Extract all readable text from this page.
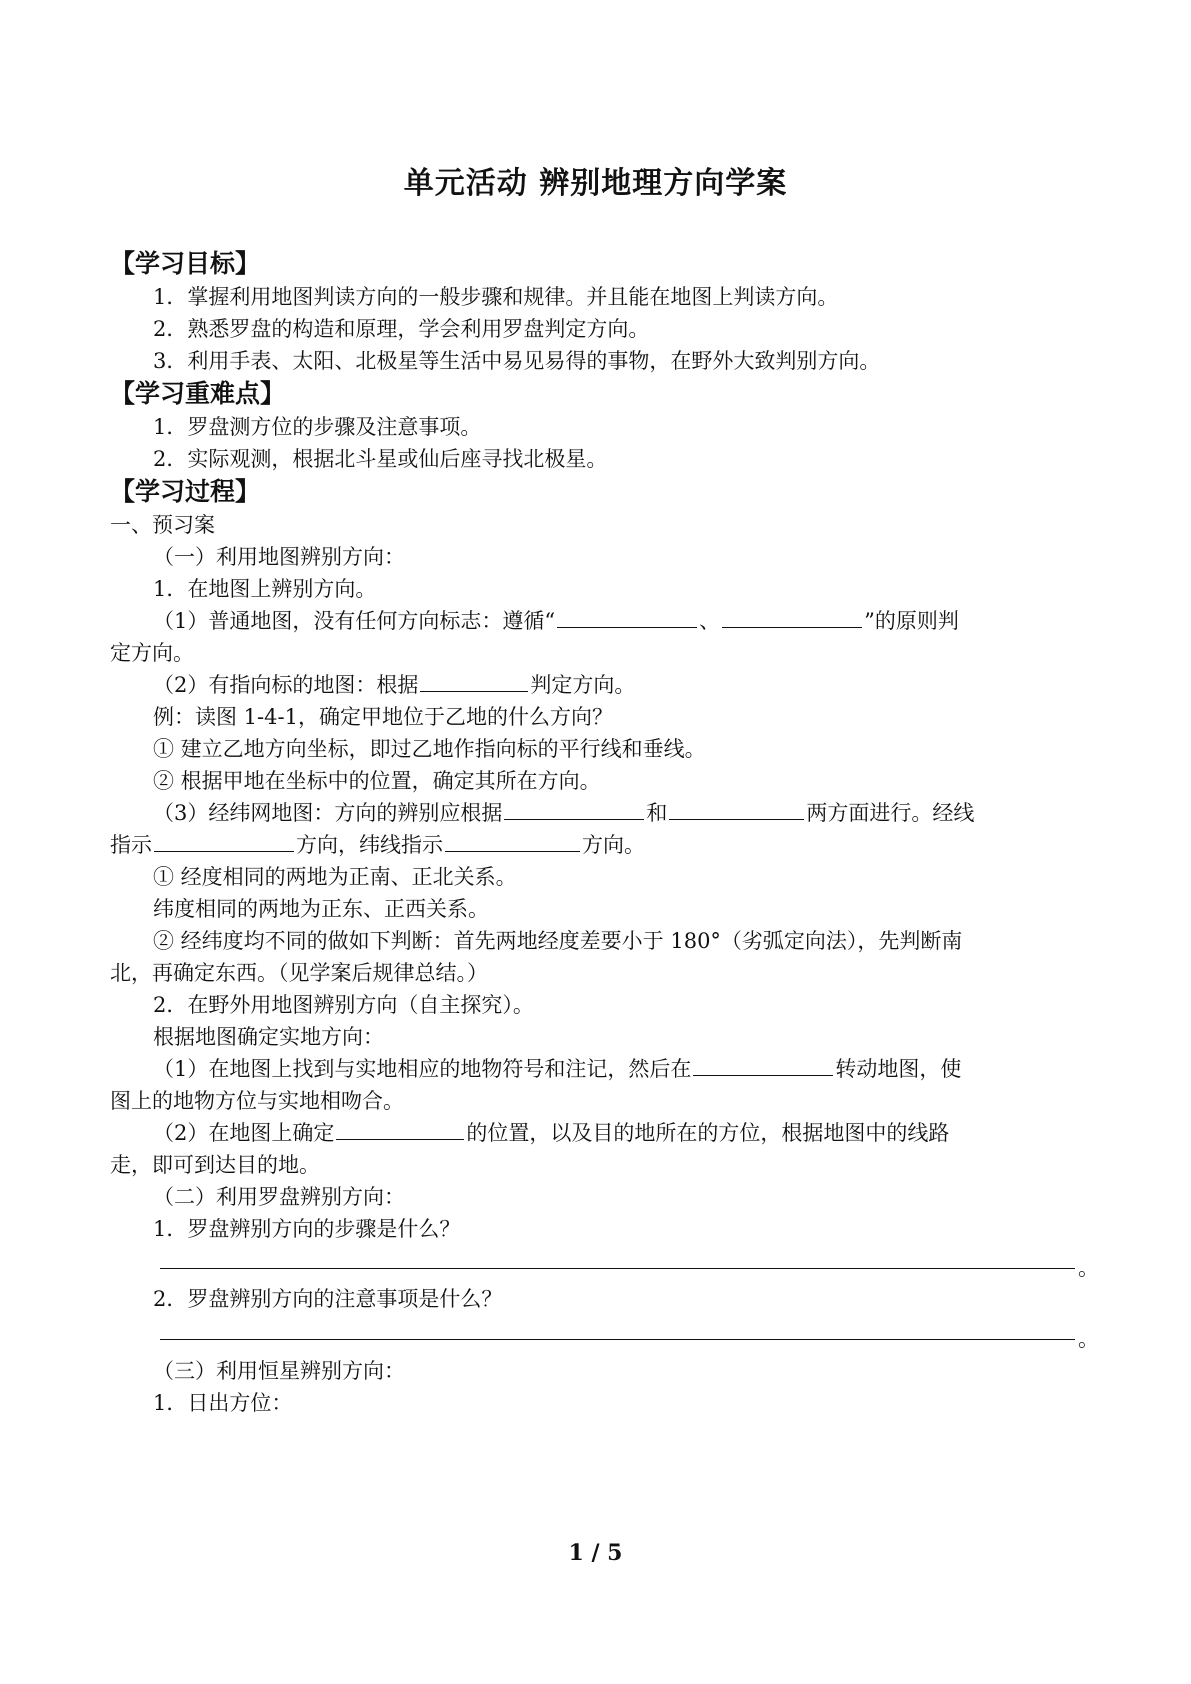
单元活动 辨别地理方向学案
【学习目标】
1．掌握利用地图判读方向的一般步骤和规律。并且能在地图上判读方向。
2．熟悉罗盘的构造和原理，学会利用罗盘判定方向。
3．利用手表、太阳、北极星等生活中易见易得的事物，在野外大致判别方向。
【学习重难点】
1．罗盘测方位的步骤及注意事项。
2．实际观测，根据北斗星或仙后座寻找北极星。
【学习过程】
一、预习案
（一）利用地图辨别方向：
1．在地图上辨别方向。
（1）普通地图，没有任何方向标志：遵循“	、	”的原则判
定方向。
（2）有指向标的地图：根据	判定方向。
例：读图 1-4-1，确定甲地位于乙地的什么方向？
① 建立乙地方向坐标，即过乙地作指向标的平行线和垂线。
② 根据甲地在坐标中的位置，确定其所在方向。
（3）经纬网地图：方向的辨别应根据	和	两方面进行。经线
指示	方向，纬线指示	方向。
① 经度相同的两地为正南、正北关系。
纬度相同的两地为正东、正西关系。
② 经纬度均不同的做如下判断：首先两地经度差要小于 180°（劣弧定向法），先判断南
北，再确定东西。（见学案后规律总结。）
2．在野外用地图辨别方向（自主探究）。
根据地图确定实地方向：
（1）在地图上找到与实地相应的地物符号和注记，然后在	转动地图，使
图上的地物方位与实地相吻合。
（2）在地图上确定	的位置，以及目的地所在的方位，根据地图中的线路
走，即可到达目的地。
（二）利用罗盘辨别方向：
1．罗盘辨别方向的步骤是什么？
。
2．罗盘辨别方向的注意事项是什么？
。
（三）利用恒星辨别方向：
1．日出方位：
1 / 5
